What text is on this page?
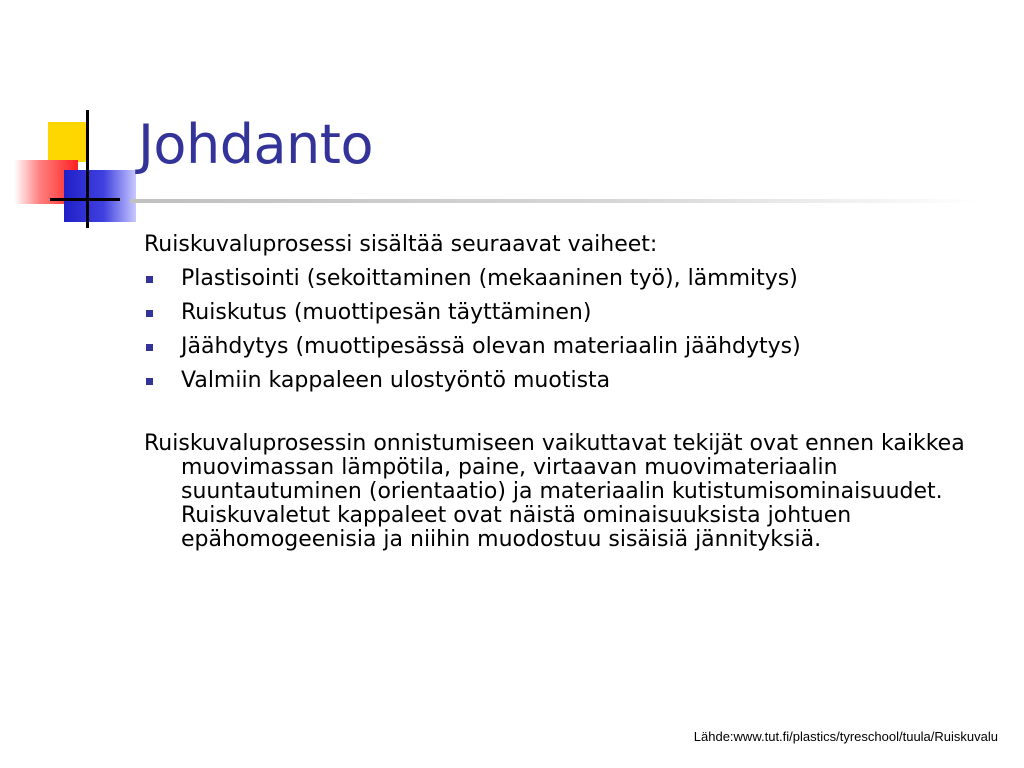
Johdanto

Ruiskuvaluprosessi sisältää seuraavat vaiheet:

Plastisointi (sekoittaminen (mekaaninen työ), lämmitys)
Ruiskutus (muottipesän täyttäminen)
Jäähdytys (muottipesässä olevan materiaalin jäähdytys)
Valmiin kappaleen ulostyöntö muotista

Ruiskuvaluprosessin onnistumiseen vaikuttavat tekijät ovat ennen kaikkea muovimassan lämpötila, paine, virtaavan muovimateriaalin suuntautuminen (orientaatio) ja materiaalin kutistumisominaisuudet. Ruiskuvaletut kappaleet ovat näistä ominaisuuksista johtuen epähomogeenisia ja niihin muodostuu sisäisiä jännityksiä.

Lähde:www.tut.fi/plastics/tyreschool/tuula/Ruiskuvalu
